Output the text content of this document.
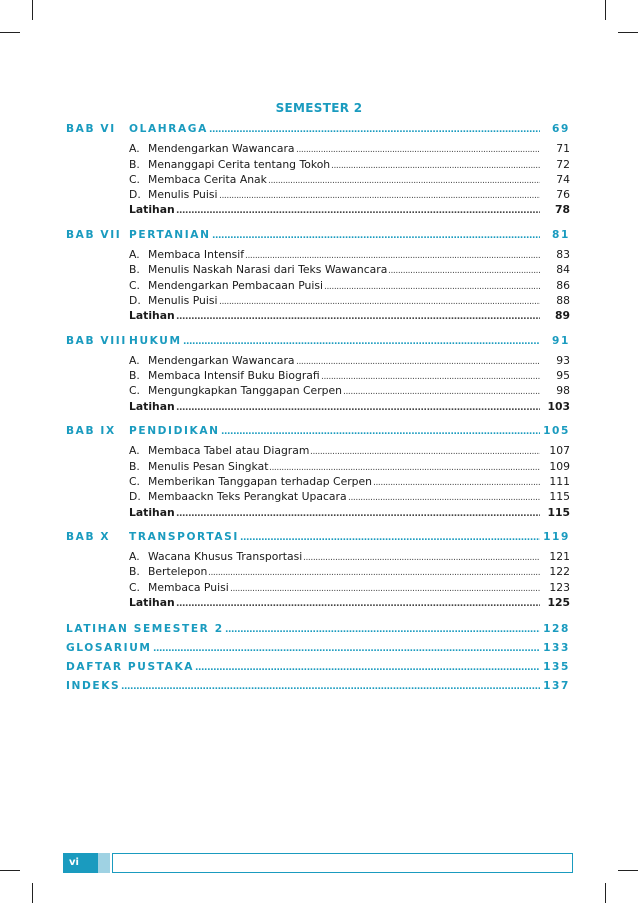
SEMESTER 2
BAB VI OLAHRAGA .....	69
A. Mendengarkan Wawancara .....	71
B. Menanggapi Cerita tentang Tokoh .....	72
C. Membaca Cerita Anak .....	74
D. Menulis Puisi .....	76
Latihan .....	78
BAB VII PERTANIAN .....	81
A. Membaca Intensif .....	83
B. Menulis Naskah Narasi dari Teks Wawancara .....	84
C. Mendengarkan Pembacaan Puisi .....	86
D. Menulis Puisi .....	88
Latihan .....	89
BAB VIII HUKUM .....	91
A. Mendengarkan Wawancara .....	93
B. Membaca Intensif Buku Biografi .....	95
C. Mengungkapkan Tanggapan Cerpen .....	98
Latihan .....	103
BAB IX PENDIDIKAN .....	105
A. Membaca Tabel atau Diagram .....	107
B. Menulis Pesan Singkat .....	109
C. Memberikan Tanggapan terhadap Cerpen .....	111
D. Membaackn Teks Perangkat Upacara .....	115
Latihan .....	115
BAB X TRANSPORTASI .....	119
A. Wacana Khusus Transportasi .....	121
B. Bertelepon .....	122
C. Membaca Puisi .....	123
Latihan .....	125
LATIHAN SEMESTER 2 .....	128
GLOSARIUM .....	133
DAFTAR PUSTAKA .....	135
INDEKS .....	137
vi
